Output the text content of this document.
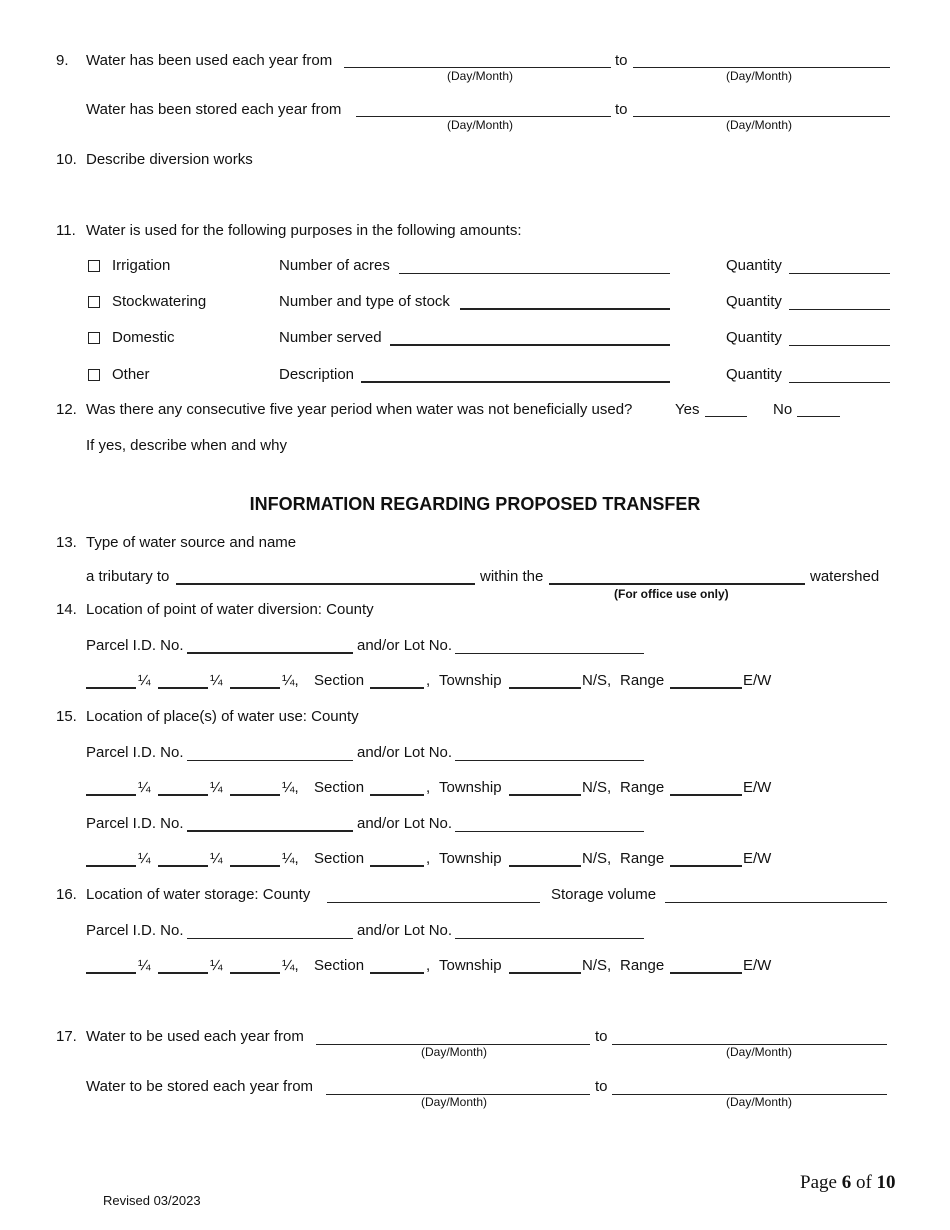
9. Water has been used each year from	to
(Day/Month)	(Day/Month)
Water has been stored each year from	to
(Day/Month)	(Day/Month)
10. Describe diversion works
11. Water is used for the following purposes in the following amounts:
Irrigation	Number of acres	Quantity
Stockwatering	Number and type of stock	Quantity
Domestic	Number served	Quantity
Other	Description	Quantity
12. Was there any consecutive five year period when water was not beneficially used?	Yes	No
If yes, describe when and why
INFORMATION REGARDING PROPOSED TRANSFER
13. Type of water source and name
a tributary to	within the	watershed
(For office use only)
14. Location of point of water diversion: County
Parcel I.D. No.	and/or Lot No.
¼	¼	¼, Section	, Township	N/S, Range	E/W
15. Location of place(s) of water use: County
Parcel I.D. No.	and/or Lot No.
¼	¼	¼, Section	, Township	N/S, Range	E/W
Parcel I.D. No.	and/or Lot No.
¼	¼	¼, Section	, Township	N/S, Range	E/W
16. Location of water storage: County	Storage volume
Parcel I.D. No.	and/or Lot No.
¼	¼	¼, Section	, Township	N/S, Range	E/W
17. Water to be used each year from	to
(Day/Month)	(Day/Month)
Water to be stored each year from	to
(Day/Month)	(Day/Month)
Page 6 of 10
Revised 03/2023
